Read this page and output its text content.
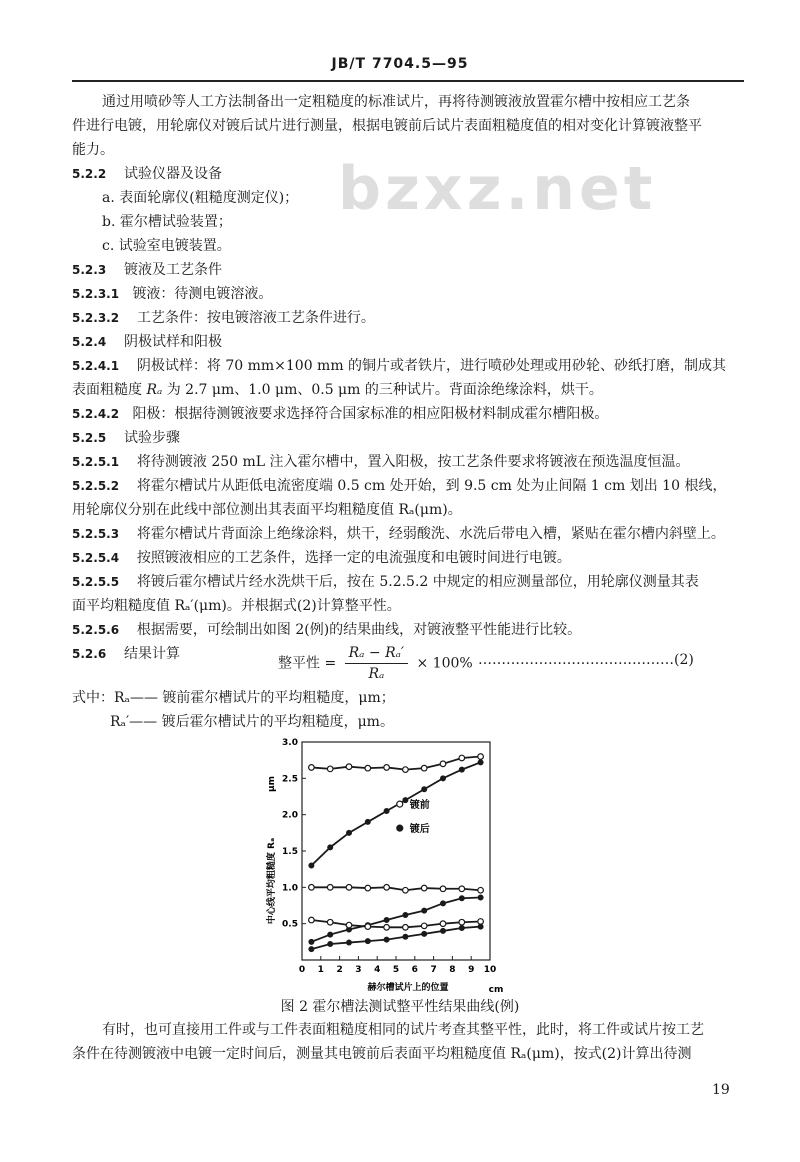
JB/T 7704.5—95
bzxz.net
通过用喷砂等人工方法制备出一定粗糙度的标准试片，再将待测镀液放置霍尔槽中按相应工艺条
件进行电镀，用轮廓仪对镀后试片进行测量，根据电镀前后试片表面粗糙度值的相对变化计算镀液整平
能力。
5.2.2 试验仪器及设备
a. 表面轮廓仪(粗糙度测定仪)；
b. 霍尔槽试验装置；
c. 试验室电镀装置。
5.2.3 镀液及工艺条件
5.2.3.1 镀液：待测电镀溶液。
5.2.3.2 工艺条件：按电镀溶液工艺条件进行。
5.2.4 阴极试样和阳极
5.2.4.1 阴极试样：将 70 mm×100 mm 的铜片或者铁片，进行喷砂处理或用砂轮、砂纸打磨，制成其
表面粗糙度 Rₐ 为 2.7 μm、1.0 μm、0.5 μm 的三种试片。背面涂绝缘涂料，烘干。
5.2.4.2 阳极：根据待测镀液要求选择符合国家标准的相应阳极材料制成霍尔槽阳极。
5.2.5 试验步骤
5.2.5.1 将待测镀液 250 mL 注入霍尔槽中，置入阳极，按工艺条件要求将镀液在预选温度恒温。
5.2.5.2 将霍尔槽试片从距低电流密度端 0.5 cm 处开始，到 9.5 cm 处为止间隔 1 cm 划出 10 根线，
用轮廓仪分别在此线中部位测出其表面平均粗糙度值 Rₐ(μm)。
5.2.5.3 将霍尔槽试片背面涂上绝缘涂料，烘干，经弱酸洗、水洗后带电入槽，紧贴在霍尔槽内斜壁上。
5.2.5.4 按照镀液相应的工艺条件，选择一定的电流强度和电镀时间进行电镀。
5.2.5.5 将镀后霍尔槽试片经水洗烘干后，按在 5.2.5.2 中规定的相应测量部位，用轮廓仪测量其表
面平均粗糙度值 Rₐ′(μm)。并根据式(2)计算整平性。
5.2.5.6 根据需要，可绘制出如图 2(例)的结果曲线，对镀液整平性能进行比较。
5.2.6 结果计算
整平性 = $\frac{\text{Rₐ − Rₐ′}}{\text{Rₐ}} \times 100\%$ ……………………………………(2)
式中：Rₐ—— 镀前霍尔槽试片的平均粗糙度，μm；
Rₐ′—— 镀后霍尔槽试片的平均粗糙度，μm。
0 1 2 3 4 5 6 7 8 9 10
0.5
1.0
1.5
2.0
2.5
3.0
赫尔槽试片上的位置	cm
中心线平均粗糙度 Rₐ
μm
镀前
镀后
图 2 霍尔槽法测试整平性结果曲线(例)
有时，也可直接用工件或与工件表面粗糙度相同的试片考查其整平性，此时，将工件或试片按工艺
条件在待测镀液中电镀一定时间后，测量其电镀前后表面平均粗糙度值 Rₐ(μm)，按式(2)计算出待测
19
